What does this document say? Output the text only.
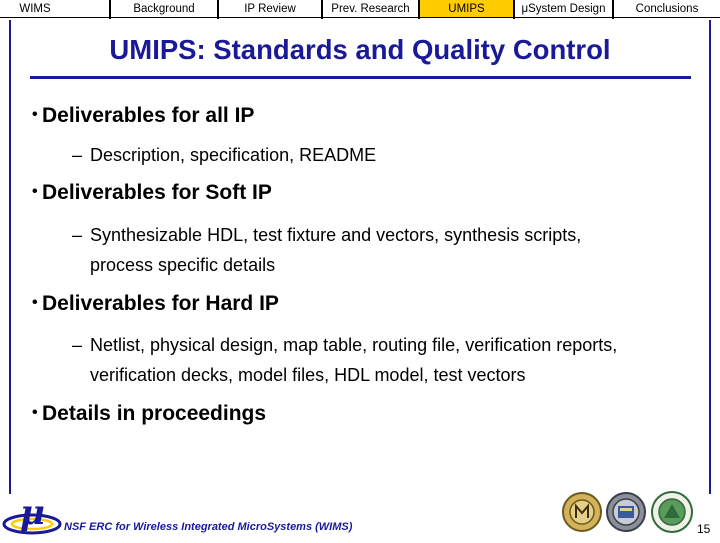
WIMS	Background	IP Review	Prev. Research	UMIPS	μSystem Design	Conclusions
UMIPS: Standards and Quality Control
• Deliverables for all IP
– Description, specification, README
• Deliverables for Soft IP
– Synthesizable HDL, test fixture and vectors, synthesis scripts,
process specific details
• Deliverables for Hard IP
– Netlist, physical design, map table, routing file, verification reports,
verification decks, model files, HDL model, test vectors
• Details in proceedings
μ NSF ERC for Wireless Integrated MicroSystems (WIMS)	15
